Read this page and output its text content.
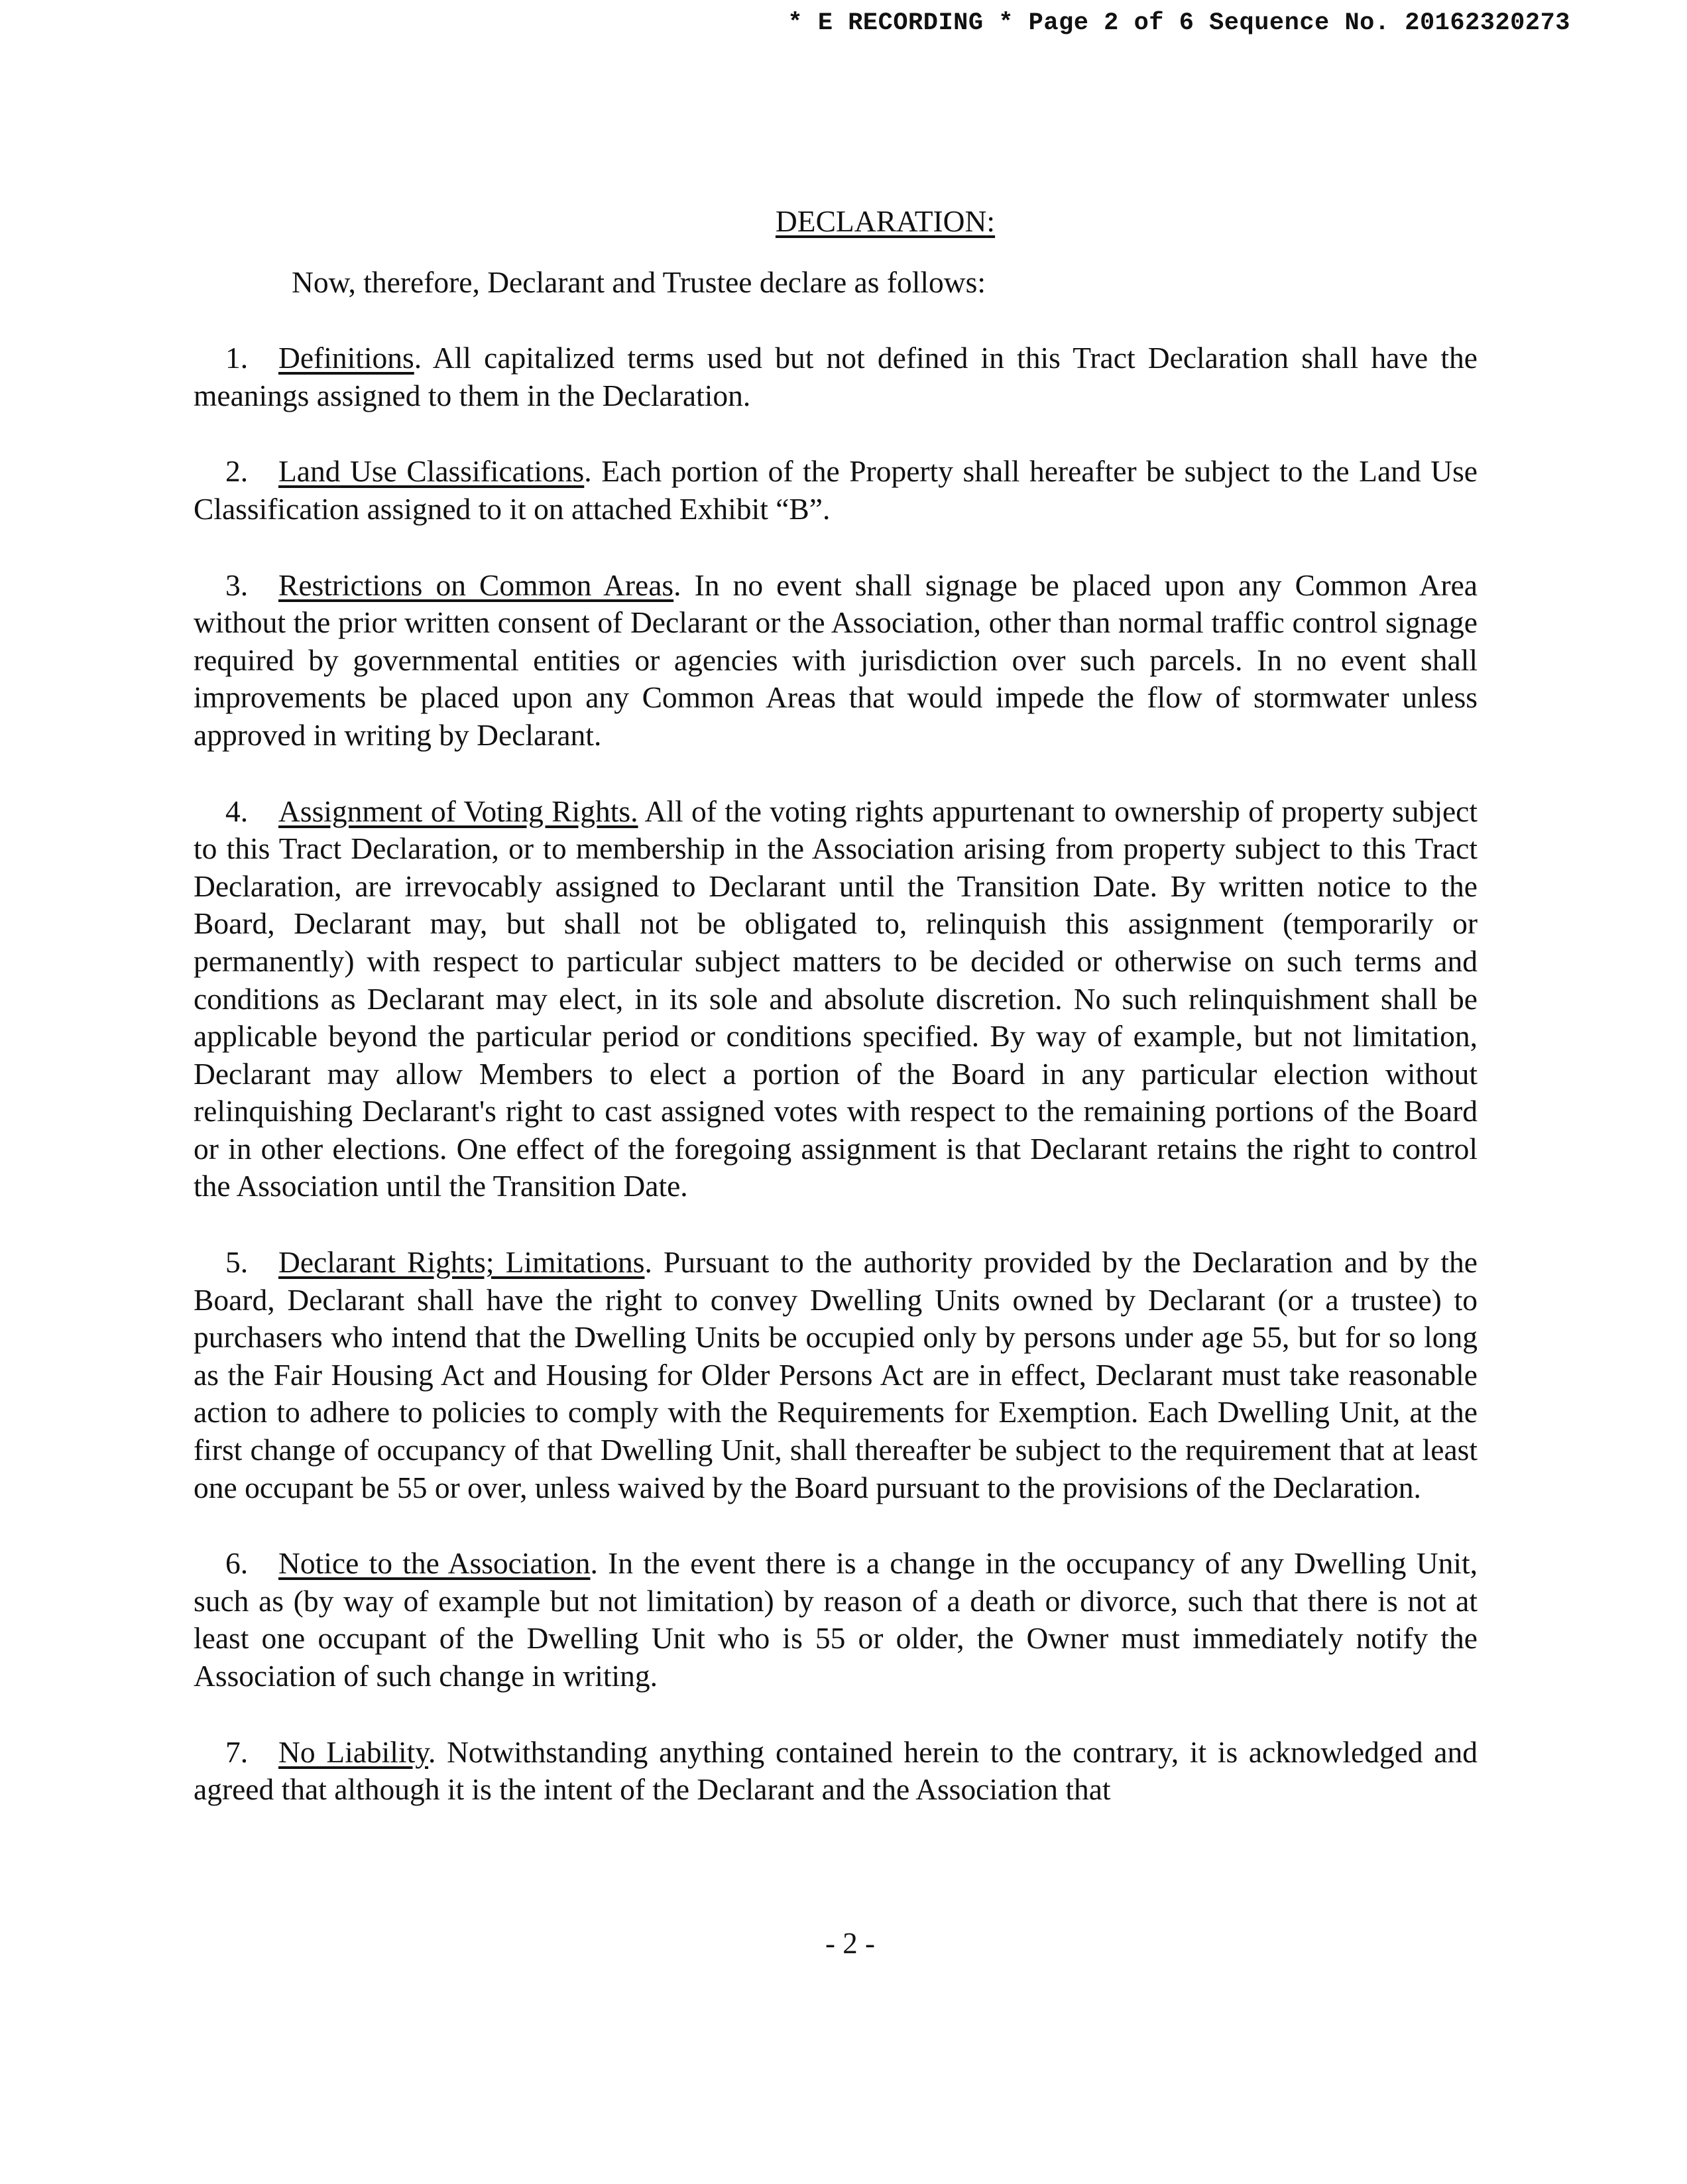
* E RECORDING * Page 2 of 6 Sequence No. 20162320273

DECLARATION:

Now, therefore, Declarant and Trustee declare as follows:

1. Definitions. All capitalized terms used but not defined in this Tract Declaration shall have the meanings assigned to them in the Declaration.

2. Land Use Classifications. Each portion of the Property shall hereafter be subject to the Land Use Classification assigned to it on attached Exhibit “B”.

3. Restrictions on Common Areas. In no event shall signage be placed upon any Common Area without the prior written consent of Declarant or the Association, other than normal traffic control signage required by governmental entities or agencies with jurisdiction over such parcels. In no event shall improvements be placed upon any Common Areas that would impede the flow of stormwater unless approved in writing by Declarant.

4. Assignment of Voting Rights. All of the voting rights appurtenant to ownership of property subject to this Tract Declaration, or to membership in the Association arising from property subject to this Tract Declaration, are irrevocably assigned to Declarant until the Transition Date. By written notice to the Board, Declarant may, but shall not be obligated to, relinquish this assignment (temporarily or permanently) with respect to particular subject matters to be decided or otherwise on such terms and conditions as Declarant may elect, in its sole and absolute discretion. No such relinquishment shall be applicable beyond the particular period or conditions specified. By way of example, but not limitation, Declarant may allow Members to elect a portion of the Board in any particular election without relinquishing Declarant's right to cast assigned votes with respect to the remaining portions of the Board or in other elections. One effect of the foregoing assignment is that Declarant retains the right to control the Association until the Transition Date.

5. Declarant Rights; Limitations. Pursuant to the authority provided by the Declaration and by the Board, Declarant shall have the right to convey Dwelling Units owned by Declarant (or a trustee) to purchasers who intend that the Dwelling Units be occupied only by persons under age 55, but for so long as the Fair Housing Act and Housing for Older Persons Act are in effect, Declarant must take reasonable action to adhere to policies to comply with the Requirements for Exemption. Each Dwelling Unit, at the first change of occupancy of that Dwelling Unit, shall thereafter be subject to the requirement that at least one occupant be 55 or over, unless waived by the Board pursuant to the provisions of the Declaration.

6. Notice to the Association. In the event there is a change in the occupancy of any Dwelling Unit, such as (by way of example but not limitation) by reason of a death or divorce, such that there is not at least one occupant of the Dwelling Unit who is 55 or older, the Owner must immediately notify the Association of such change in writing.

7. No Liability. Notwithstanding anything contained herein to the contrary, it is acknowledged and agreed that although it is the intent of the Declarant and the Association that

- 2 -
